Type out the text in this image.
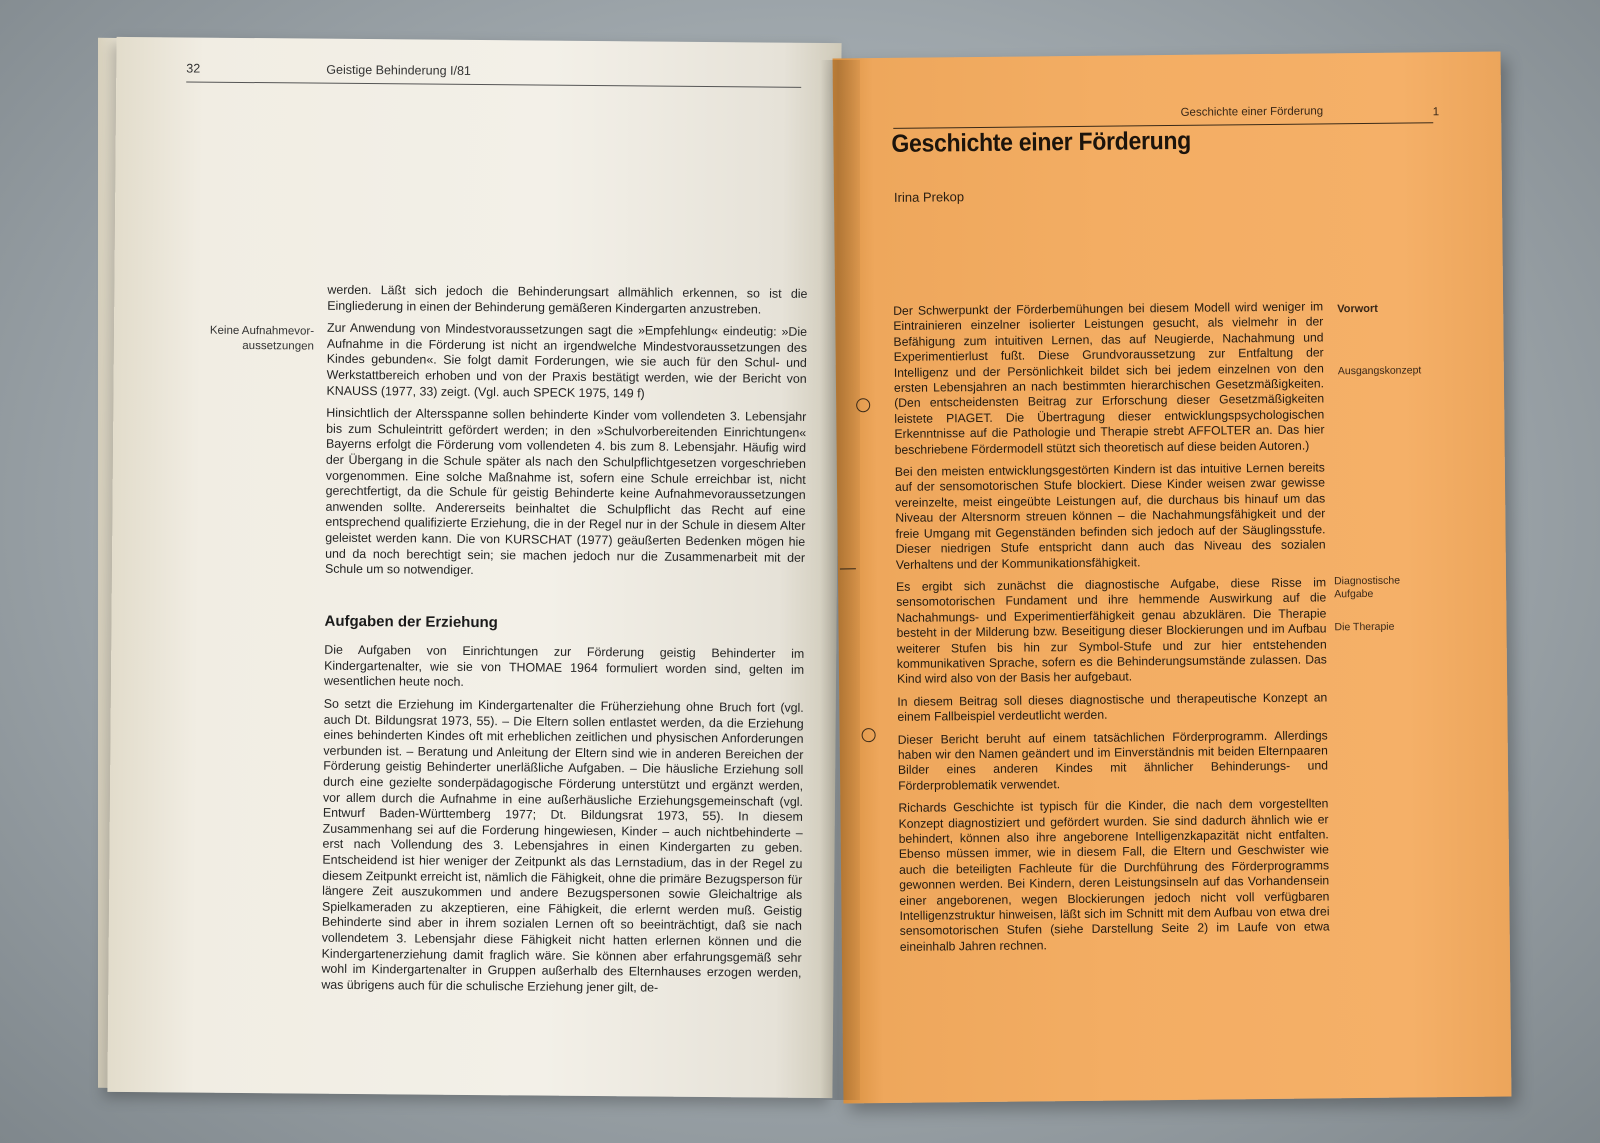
32	Geistige Behinderung I/81
Keine Aufnahmevor-
aussetzungen

werden. Läßt sich jedoch die Behinderungsart allmählich erkennen, so ist die Eingliederung in einen der Behinderung gemäßeren Kindergarten anzustreben.

Zur Anwendung von Mindestvoraussetzungen sagt die »Empfehlung« eindeutig: »Die Aufnahme in die Förderung ist nicht an irgendwelche Mindestvoraussetzungen des Kindes gebunden«. Sie folgt damit Forderungen, wie sie auch für den Schul- und Werkstattbereich erhoben und von der Praxis bestätigt werden, wie der Bericht von KNAUSS (1977, 33) zeigt. (Vgl. auch SPECK 1975, 149 f)

Hinsichtlich der Altersspanne sollen behinderte Kinder vom vollendeten 3. Lebensjahr bis zum Schuleintritt gefördert werden; in den »Schulvorbereitenden Einrichtungen« Bayerns erfolgt die Förderung vom vollendeten 4. bis zum 8. Lebensjahr. Häufig wird der Übergang in die Schule später als nach den Schulpflichtgesetzen vorgeschrieben vorgenommen. Eine solche Maßnahme ist, sofern eine Schule erreichbar ist, nicht gerechtfertigt, da die Schule für geistig Behinderte keine Aufnahmevoraussetzungen anwenden sollte. Andererseits beinhaltet die Schulpflicht das Recht auf eine entsprechend qualifizierte Erziehung, die in der Regel nur in der Schule in diesem Alter geleistet werden kann. Die von KURSCHAT (1977) geäußerten Bedenken mögen hie und da noch berechtigt sein; sie machen jedoch nur die Zusammenarbeit mit der Schule um so notwendiger.

Aufgaben der Erziehung

Die Aufgaben von Einrichtungen zur Förderung geistig Behinderter im Kindergartenalter, wie sie von THOMAE 1964 formuliert worden sind, gelten im wesentlichen heute noch.

So setzt die Erziehung im Kindergartenalter die Früherziehung ohne Bruch fort (vgl. auch Dt. Bildungsrat 1973, 55). – Die Eltern sollen entlastet werden, da die Erziehung eines behinderten Kindes oft mit erheblichen zeitlichen und physischen Anforderungen verbunden ist. – Beratung und Anleitung der Eltern sind wie in anderen Bereichen der Förderung geistig Behinderter unerläßliche Aufgaben. – Die häusliche Erziehung soll durch eine gezielte sonderpädagogische Förderung unterstützt und ergänzt werden, vor allem durch die Aufnahme in eine außerhäusliche Erziehungsgemeinschaft (vgl. Entwurf Baden-Württemberg 1977; Dt. Bildungsrat 1973, 55). In diesem Zusammenhang sei auf die Forderung hingewiesen, Kinder – auch nichtbehinderte – erst nach Vollendung des 3. Lebensjahres in einen Kindergarten zu geben. Entscheidend ist hier weniger der Zeitpunkt als das Lernstadium, das in der Regel zu diesem Zeitpunkt erreicht ist, nämlich die Fähigkeit, ohne die primäre Bezugsperson für längere Zeit auszukommen und andere Bezugspersonen sowie Gleichaltrige als Spielkameraden zu akzeptieren, eine Fähigkeit, die erlernt werden muß. Geistig Behinderte sind aber in ihrem sozialen Lernen oft so beeinträchtigt, daß sie nach vollendetem 3. Lebensjahr diese Fähigkeit nicht hatten erlernen können und die Kindergartenerziehung damit fraglich wäre. Sie können aber erfahrungsgemäß sehr wohl im Kindergartenalter in Gruppen außerhalb des Elternhauses erzogen werden, was übrigens auch für die schulische Erziehung jener gilt, de-

Geschichte einer Förderung	1
Geschichte einer Förderung
Irina Prekop

Der Schwerpunkt der Förderbemühungen bei diesem Modell wird weniger im Eintrainieren einzelner isolierter Leistungen gesucht, als vielmehr in der Befähigung zum intuitiven Lernen, das auf Neugierde, Nachahmung und Experimentierlust fußt. Diese Grundvoraussetzung zur Entfaltung der Intelligenz und der Persönlichkeit bildet sich bei jedem einzelnen von den ersten Lebensjahren an nach bestimmten hierarchischen Gesetzmäßigkeiten. (Den entscheidensten Beitrag zur Erforschung dieser Gesetzmäßigkeiten leistete PIAGET. Die Übertragung dieser entwicklungspsychologischen Erkenntnisse auf die Pathologie und Therapie strebt AFFOLTER an. Das hier beschriebene Fördermodell stützt sich theoretisch auf diese beiden Autoren.)

Bei den meisten entwicklungsgestörten Kindern ist das intuitive Lernen bereits auf der sensomotorischen Stufe blockiert. Diese Kinder weisen zwar gewisse vereinzelte, meist eingeübte Leistungen auf, die durchaus bis hinauf um das Niveau der Altersnorm streuen können – die Nachahmungsfähigkeit und der freie Umgang mit Gegenständen befinden sich jedoch auf der Säuglingsstufe. Dieser niedrigen Stufe entspricht dann auch das Niveau des sozialen Verhaltens und der Kommunikationsfähigkeit.

Es ergibt sich zunächst die diagnostische Aufgabe, diese Risse im sensomotorischen Fundament und ihre hemmende Auswirkung auf die Nachahmungs- und Experimentierfähigkeit genau abzuklären. Die Therapie besteht in der Milderung bzw. Beseitigung dieser Blockierungen und im Aufbau weiterer Stufen bis hin zur Symbol-Stufe und zur hier entstehenden kommunikativen Sprache, sofern es die Behinderungsumstände zulassen. Das Kind wird also von der Basis her aufgebaut.

In diesem Beitrag soll dieses diagnostische und therapeutische Konzept an einem Fallbeispiel verdeutlicht werden.

Dieser Bericht beruht auf einem tatsächlichen Förderprogramm. Allerdings haben wir den Namen geändert und im Einverständnis mit beiden Elternpaaren Bilder eines anderen Kindes mit ähnlicher Behinderungs- und Förderproblematik verwendet.

Richards Geschichte ist typisch für die Kinder, die nach dem vorgestellten Konzept diagnostiziert und gefördert wurden. Sie sind dadurch ähnlich wie er behindert, können also ihre angeborene Intelligenzkapazität nicht entfalten. Ebenso müssen immer, wie in diesem Fall, die Eltern und Geschwister wie auch die beteiligten Fachleute für die Durchführung des Förderprogramms gewonnen werden. Bei Kindern, deren Leistungsinseln auf das Vorhandensein einer angeborenen, wegen Blockierungen jedoch nicht voll verfügbaren Intelligenzstruktur hinweisen, läßt sich im Schnitt mit dem Aufbau von etwa drei sensomotorischen Stufen (siehe Darstellung Seite 2) im Laufe von etwa eineinhalb Jahren rechnen.

Vorwort
Ausgangskonzept
Diagnostische
Aufgabe
Die Therapie
